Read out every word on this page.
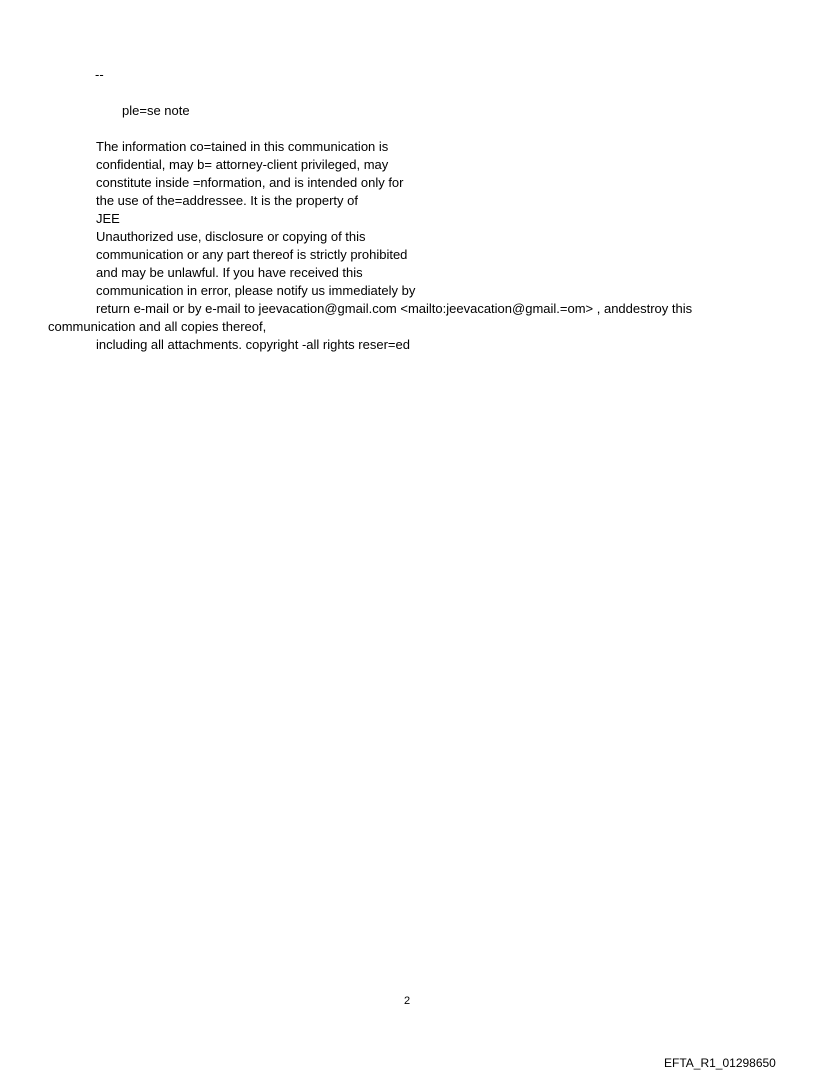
--
ple=se note
The information co=tained in this communication is
confidential, may b= attorney-client privileged, may
constitute inside =nformation, and is intended only for
the use of the=addressee. It is the property of
JEE
Unauthorized use, disclosure or copying of this
communication or any part thereof is strictly prohibited
and may be unlawful. If you have received this
communication in error, please notify us immediately by
return e-mail or by e-mail to jeevacation@gmail.com <mailto:jeevacation@gmail.=om> , anddestroy this
communication and all copies thereof,
including all attachments. copyright -all rights reser=ed
2
EFTA_R1_01298650
